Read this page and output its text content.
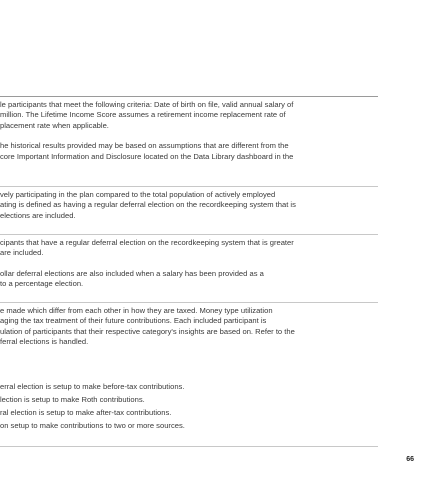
le participants that meet the following criteria: Date of birth on file, valid annual salary of
million. The Lifetime Income Score assumes a retirement income replacement rate of
placement rate when applicable.
he historical results provided may be based on assumptions that are different from the
core Important Information and Disclosure located on the Data Library dashboard in the
vely participating in the plan compared to the total population of actively employed
ating is defined as having a regular deferral election on the recordkeeping system that is
elections are included.
cipants that have a regular deferral election on the recordkeeping system that is greater
are included.
ollar deferral elections are also included when a salary has been provided as a
to a percentage election.
e made which differ from each other in how they are taxed. Money type utilization
aging the tax treatment of their future contributions. Each included participant is
ulation of participants that their respective category's insights are based on. Refer to the
ferral elections is handled.
erral election is setup to make before-tax contributions.
lection is setup to make Roth contributions.
ral election is setup to make after-tax contributions.
on setup to make contributions to two or more sources.
66
